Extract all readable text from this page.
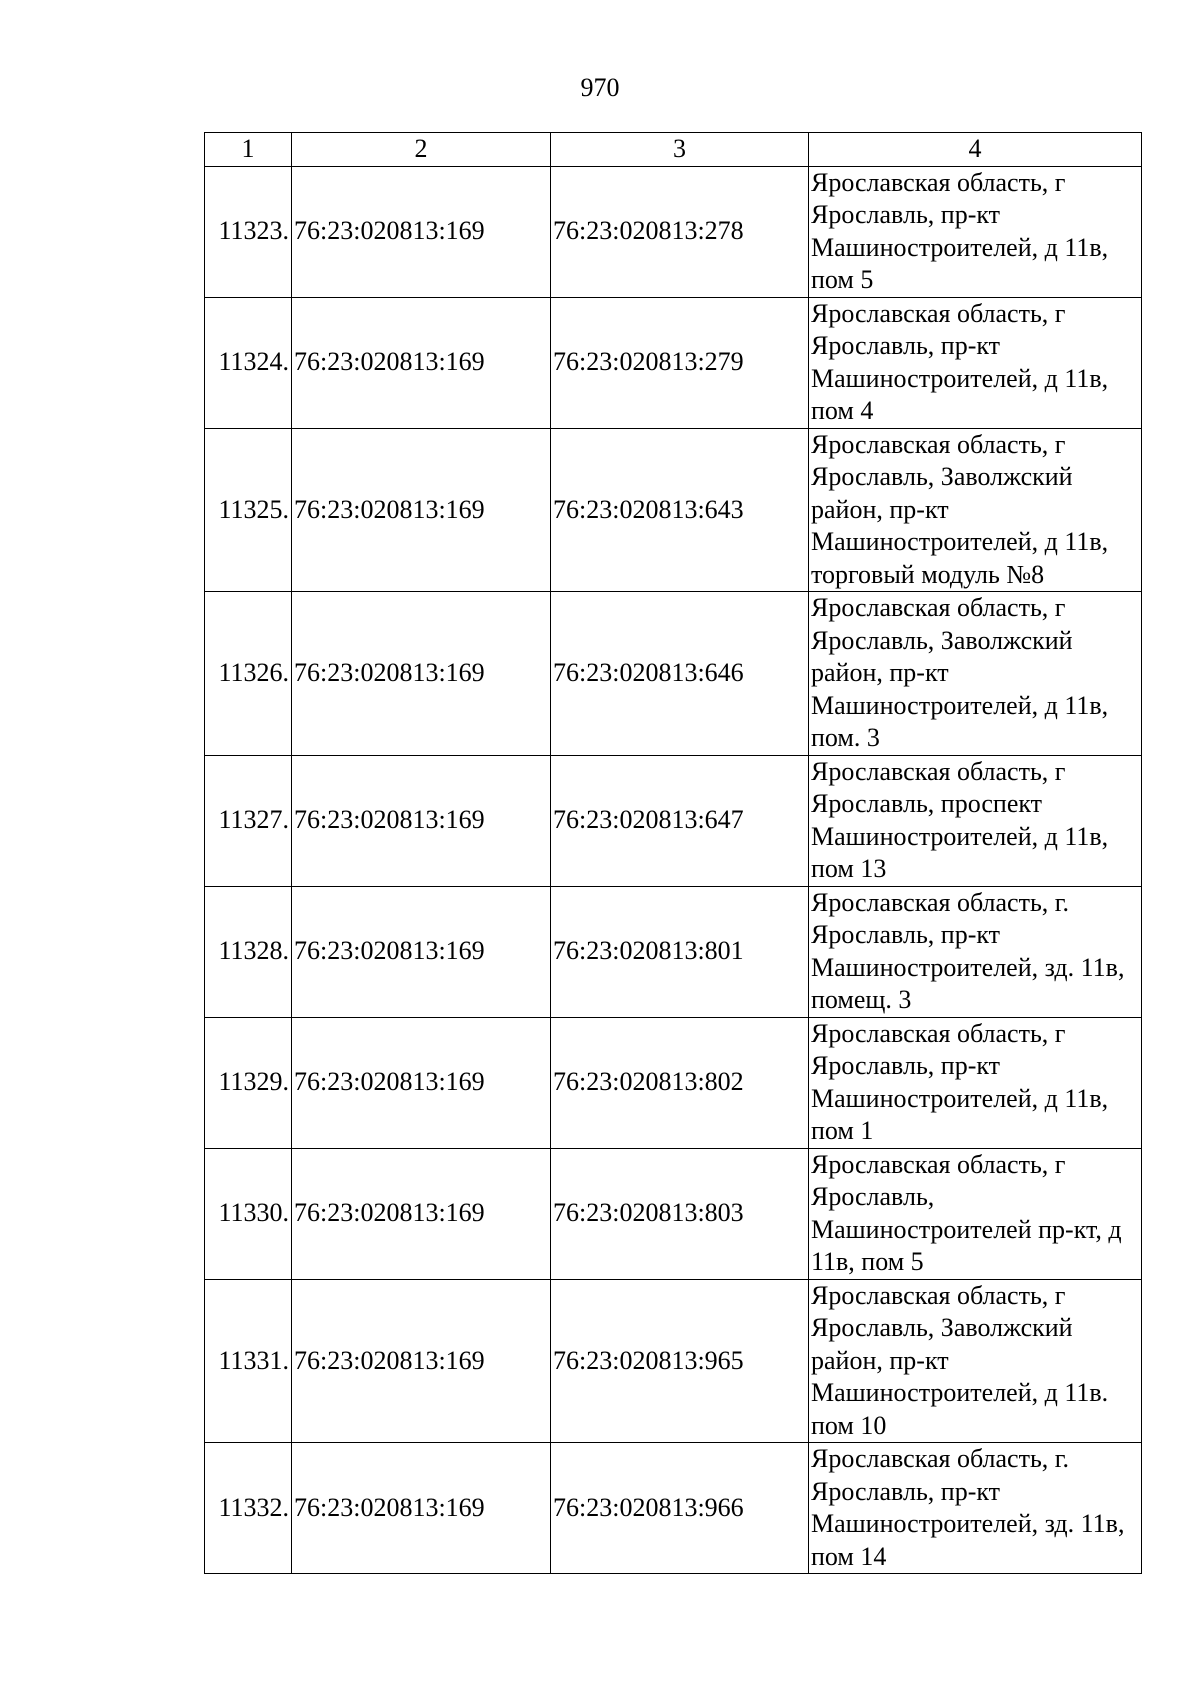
970
1	2	3	4
11323.	76:23:020813:169	76:23:020813:278	Ярославская область, г Ярославль, пр-кт Машиностроителей, д 11в, пом 5
11324.	76:23:020813:169	76:23:020813:279	Ярославская область, г Ярославль, пр-кт Машиностроителей, д 11в, пом 4
11325.	76:23:020813:169	76:23:020813:643	Ярославская область, г Ярославль, Заволжский район, пр-кт Машиностроителей, д 11в, торговый модуль №8
11326.	76:23:020813:169	76:23:020813:646	Ярославская область, г Ярославль, Заволжский район, пр-кт Машиностроителей, д 11в, пом. 3
11327.	76:23:020813:169	76:23:020813:647	Ярославская область, г Ярославль, проспект Машиностроителей, д 11в, пом 13
11328.	76:23:020813:169	76:23:020813:801	Ярославская область, г. Ярославль, пр-кт Машиностроителей, зд. 11в, помещ. 3
11329.	76:23:020813:169	76:23:020813:802	Ярославская область, г Ярославль, пр-кт Машиностроителей, д 11в, пом 1
11330.	76:23:020813:169	76:23:020813:803	Ярославская область, г Ярославль, Машиностроителей пр-кт, д 11в, пом 5
11331.	76:23:020813:169	76:23:020813:965	Ярославская область, г Ярославль, Заволжский район, пр-кт Машиностроителей, д 11в. пом 10
11332.	76:23:020813:169	76:23:020813:966	Ярославская область, г. Ярославль, пр-кт Машиностроителей, зд. 11в, пом 14
